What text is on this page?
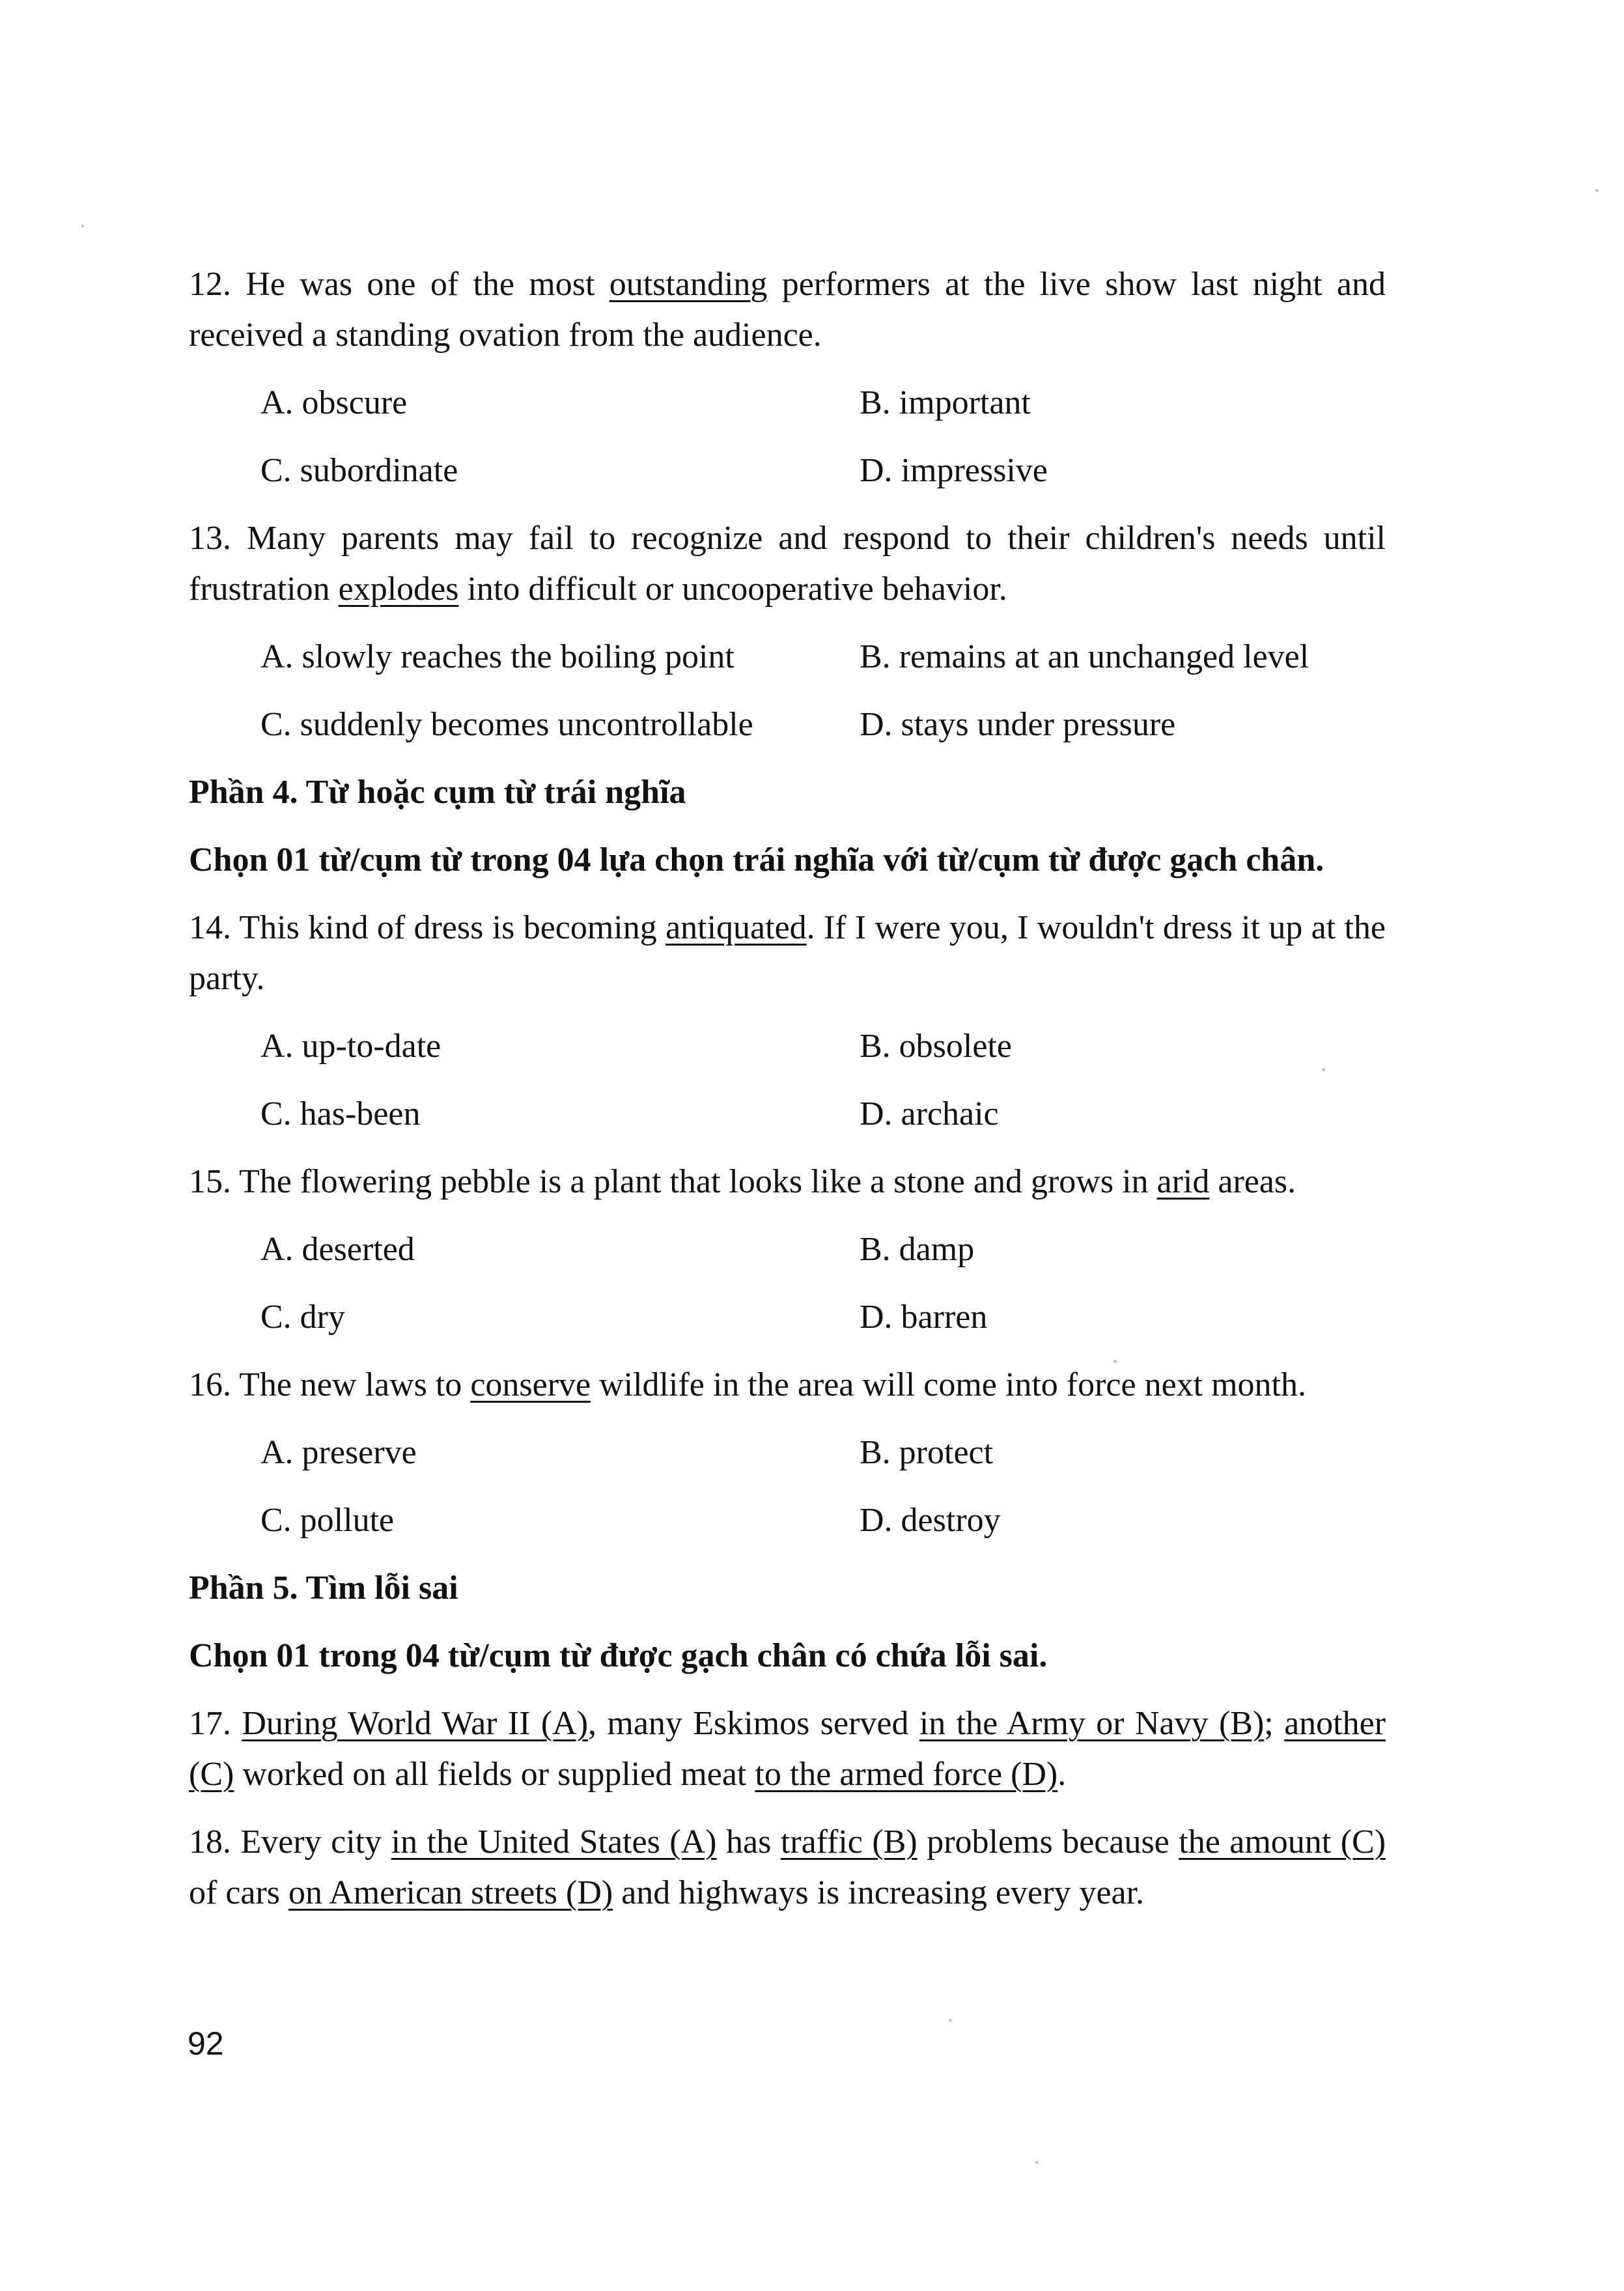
12. He was one of the most outstanding performers at the live show last night and received a standing ovation from the audience.

A. obscure	B. important
C. subordinate	D. impressive

13. Many parents may fail to recognize and respond to their children's needs until frustration explodes into difficult or uncooperative behavior.

A. slowly reaches the boiling point	B. remains at an unchanged level
C. suddenly becomes uncontrollable	D. stays under pressure
Phần 4. Từ hoặc cụm từ trái nghĩa
Chọn 01 từ/cụm từ trong 04 lựa chọn trái nghĩa với từ/cụm từ được gạch chân.

14. This kind of dress is becoming antiquated. If I were you, I wouldn't dress it up at the party.

A. up-to-date	B. obsolete
C. has-been	D. archaic

15. The flowering pebble is a plant that looks like a stone and grows in arid areas.

A. deserted	B. damp
C. dry	D. barren

16. The new laws to conserve wildlife in the area will come into force next month.

A. preserve	B. protect
C. pollute	D. destroy
Phần 5. Tìm lỗi sai
Chọn 01 trong 04 từ/cụm từ được gạch chân có chứa lỗi sai.

17. During World War II (A), many Eskimos served in the Army or Navy (B); another (C) worked on all fields or supplied meat to the armed force (D).

18. Every city in the United States (A) has traffic (B) problems because the amount (C) of cars on American streets (D) and highways is increasing every year.

92
